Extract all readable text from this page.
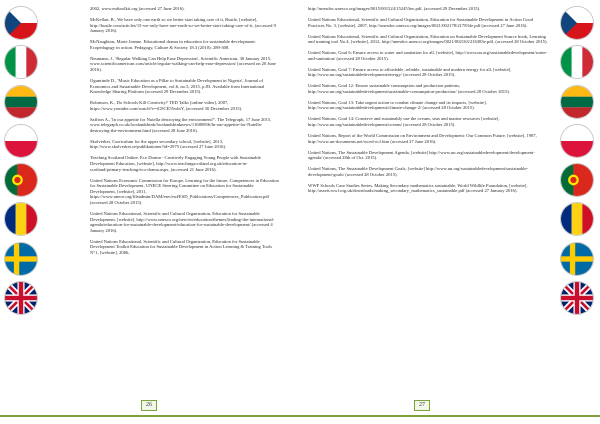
2002, www.esdtoolkit.org (accessed 27 June 2016).

McKellan, B., We have only one earth so we better start taking care of it, Bustle, [website], http://bustle.com/articles/15-we-only-have-one-earth-so-we-better-start-taking-care-of-it, (accessed 9 January 2016).

McNaughton, Marie Jeanne. Educational drama in education for sustainable development: Ecopedagogy in action. Pedagogy, Culture & Society 18.3 (2010): 289-308.

Neumann, J., 'Regular Walking Can Help Ease Depression', Scientific American, 30 January 2015, www.scientificamerican.com/article/regular-walking-can-help-ease-depression/ (accessed on 20 June 2016).

Ogunrinde D., 'Music Education as a Pillar to Sustainable Development in Nigeria', Journal of Economics and Sustainable Development, vol.6, no.5, 2015, p.83. Available from International Knowledge Sharing Platform (accessed 29 December 2015).

Robinson, K., Do Schools Kill Creativity? TED Talks [online video], 2007, https://www.youtube.com/watch?v=iG9CE55wbtY, (accessed 30 December 2015).

Saffron A., 'In our appetite for Nutella destroying the environment?', The Telegraph, 17 June 2015, www.telegraph.co.uk/foodanddrink/foodanddrinknews/11680856/In-our-appetite-for-Nutella-destroying-the-environment.html (accessed 28 June 2016).

Skolverket, Curriculum for the upper secondary school, [website], 2013, http://www.skolverket.se/publikationer?id=2975 (accessed 27 June 2016).

Teaching Scotland Online, Eco Drama - Creatively Engaging Young People with Sustainable Development Education, [website], http://www.teachingscotland.org.uk/education-in-scotland/primary-teaching/eco-drama.aspx, (accessed 21 June 2016).

United Nations Economic Commission for Europe, Learning for the future, Competences in Education for Sustainable Development, UNECE Steering Committee on Education for Sustainable Development, [website], 2011, https://www.unece.org/fileadmin/DAM/env/esd/ESD_Publications/Competences_Publication.pdf (accessed 28 October 2015).

United Nations Educational, Scientific and Cultural Organization, Education for Sustainable Development, [website], http://www.unesco.org/new/en/education/themes/leading-the-international-agenda/education-for-sustainable-development/education-for-sustainable-development/ (accessed 4 January 2016).

United Nations Educational, Scientific and Cultural Organization, Education for Sustainable Development Toolkit Education for Sustainable Development in Action Learning & Training Tools N°1, [website], 2006,

26

http://unesdoc.unesco.org/images/0015/001524/152453eo.pdf, (accessed 29 December 2015).

United Nations Educational, Scientific and Cultural Organization, Education for Sustainable Development in Action Good Practices No. 3, [website], 2007, http://unesdoc.unesco.org/images/0021/002178/217834e.pdf (accessed 27 June 2016).

United Nations Educational, Scientific and Cultural Organization, Education on Sustainable Development Source book, Learning and training tool No.4, [website], 2012, http://unesdoc.unesco.org/images/0021/002163/216383e.pdf, (accessed 28 October 2015).

United Nations, Goal 6: Ensure access to water and sanitation for all, [website], http://www.un.org/sustainabledevelopment/water-and-sanitation/ (accessed 28 October 2015).

United Nations, Goal 7: Ensure access to affordable, reliable, sustainable and modern energy for all, [website], http://www.un.org/sustainabledevelopment/energy/ (accessed 28 October 2015).

United Nations, Goal 12: Ensure sustainable consumption and production patterns, http://www.un.org/sustainabledevelopment/sustainable-consumption-production/ (accessed 28 October 2015).

United Nations, Goal 13: Take urgent action to combat climate change and its impacts, [website], http://www.un.org/sustainabledevelopment/climate-change-2/ (accessed 28 October 2015).

United Nations, Goal 14: Conserve and sustainably use the oceans, seas and marine resources [website], http://www.un.org/sustainabledevelopment/oceans/ (accessed 28 October 2015).

United Nations, Report of the World Commission on Environment and Development: Our Common Future, [website], 1987, http://www.un-documents.net/wced-ocf.htm (accessed 27 June 2016).

United Nations, The Sustainable Development Agenda, [website] http://www.un.org/sustainabledevelopment/development-agenda/ (accessed 28th of Oct. 2015).

United Nations, The Sustainable Development Goals, [website] http://www.un.org/sustainabledevelopment/sustainable-development-goals/ (accessed 28 October 2015).

WWF Schools Case Studies Series, Making Secondary mathematics sustainable, World Wildlife Foundation, [website], http://assets.wwf.org.uk/downloads/making_secondary_mathematics_sustainable.pdf (accessed 27 January 2016).

27
